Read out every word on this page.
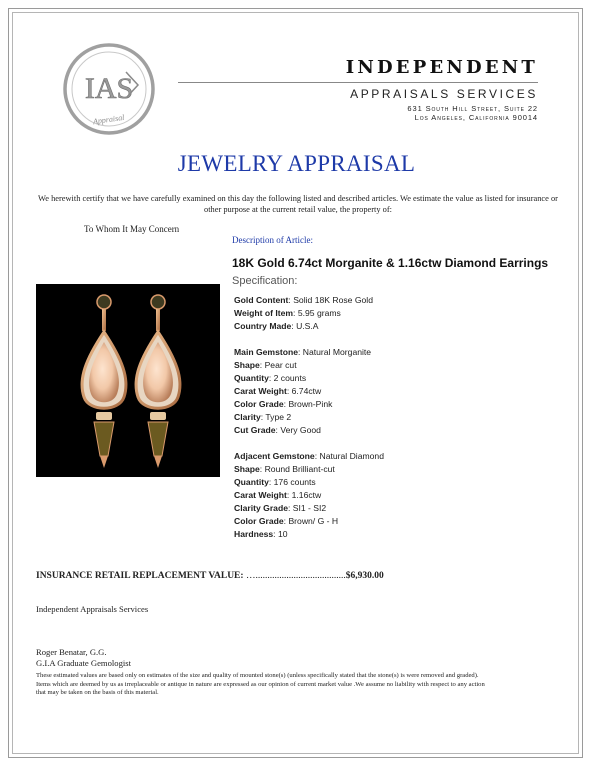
IAS
Appraisal
INDEPENDENT
APPRAISALS SERVICES
631 South Hill Street, Suite 22
Los Angeles, California 90014
JEWELRY APPRAISAL
We herewith certify that we have carefully examined on this day the following listed and described articles. We estimate the value as listed for insurance or other purpose at the current retail value, the property of:
To Whom It May Concern
Description of Article:
18K Gold 6.74ct Morganite & 1.16ctw Diamond Earrings
Specification:
Gold Content: Solid 18K Rose Gold
Weight of Item: 5.95 grams
Country Made: U.S.A
Main Gemstone: Natural Morganite
Shape: Pear cut
Quantity: 2 counts
Carat Weight: 6.74ctw
Color Grade: Brown-Pink
Clarity: Type 2
Cut Grade: Very Good
Adjacent Gemstone: Natural Diamond
Shape: Round Brilliant-cut
Quantity: 176 counts
Carat Weight: 1.16ctw
Clarity Grade: SI1 - SI2
Color Grade: Brown/ G - H
Hardness: 10
INSURANCE RETAIL REPLACEMENT VALUE: …......................................$6,930.00
Independent Appraisals Services
Roger Benatar, G.G.
G.I.A Graduate Gemologist
These estimated values are based only on estimates of the size and quality of mounted stone(s) (unless specifically stated that the stone(s) is were removed and graded). Items which are deemed by us as irreplaceable or antique in nature are expressed as our opinion of current market value .We assume no liability with respect to any action that may be taken on the basis of this material.
